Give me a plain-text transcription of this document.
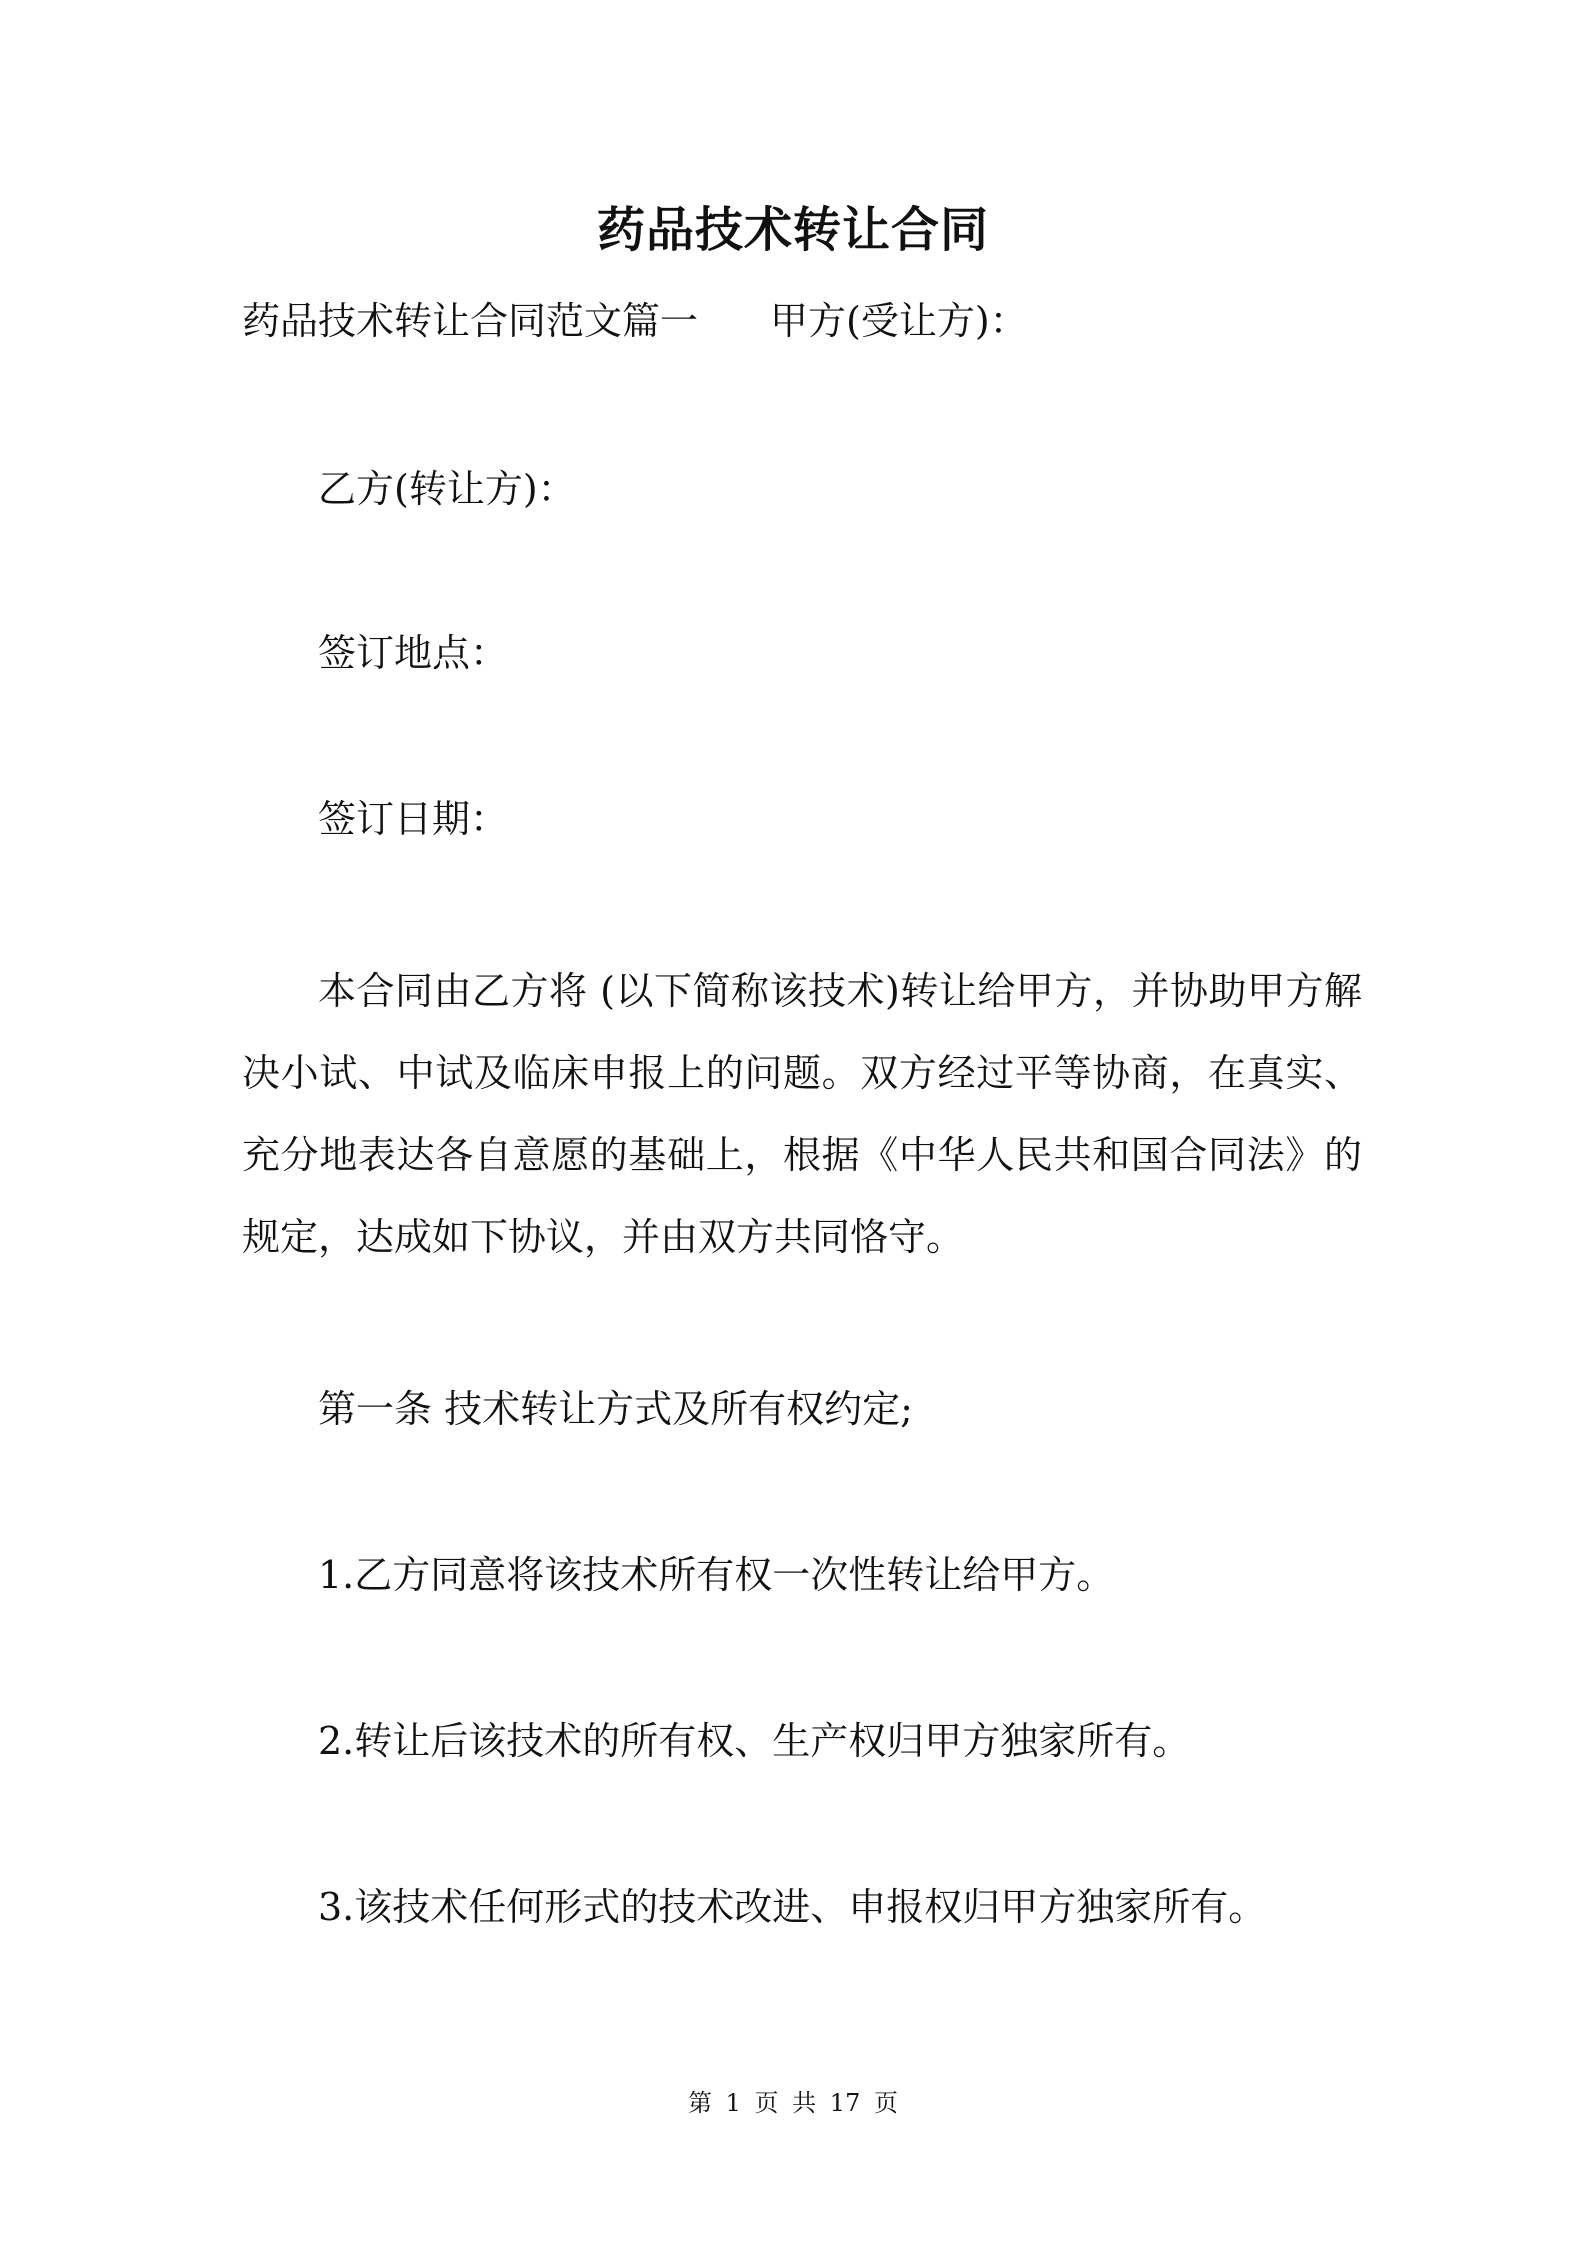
药品技术转让合同
药品技术转让合同范文篇一 甲方(受让方)：
乙方(转让方)：
签订地点：
签订日期：
本合同由乙方将 (以下简称该技术)转让给甲方，并协助甲方解决小试、中试及临床申报上的问题。双方经过平等协商，在真实、充分地表达各自意愿的基础上，根据《中华人民共和国合同法》的规定，达成如下协议，并由双方共同恪守。
第一条 技术转让方式及所有权约定;
1.乙方同意将该技术所有权一次性转让给甲方。
2.转让后该技术的所有权、生产权归甲方独家所有。
3.该技术任何形式的技术改进、申报权归甲方独家所有。
第 1 页 共 17 页
